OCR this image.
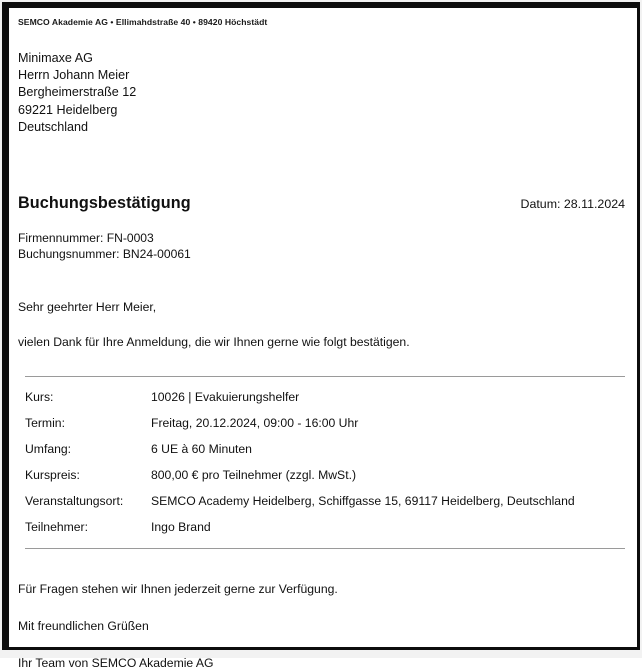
SEMCO Akademie AG • Ellimahdstraße 40 • 89420 Höchstädt
Minimaxe AG
Herrn Johann Meier
Bergheimerstraße 12
69221 Heidelberg
Deutschland
Buchungsbestätigung	Datum: 28.11.2024
Firmennummer: FN-0003
Buchungsnummer: BN24-00061
Sehr geehrter Herr Meier,
vielen Dank für Ihre Anmeldung, die wir Ihnen gerne wie folgt bestätigen.
Kurs:	10026 | Evakuierungshelfer
Termin:	Freitag, 20.12.2024, 09:00 - 16:00 Uhr
Umfang:	6 UE à 60 Minuten
Kurspreis:	800,00 € pro Teilnehmer (zzgl. MwSt.)
Veranstaltungsort:	SEMCO Academy Heidelberg, Schiffgasse 15, 69117 Heidelberg, Deutschland
Teilnehmer:	Ingo Brand

Für Fragen stehen wir Ihnen jederzeit gerne zur Verfügung.

Mit freundlichen Grüßen

Ihr Team von SEMCO Akademie AG
